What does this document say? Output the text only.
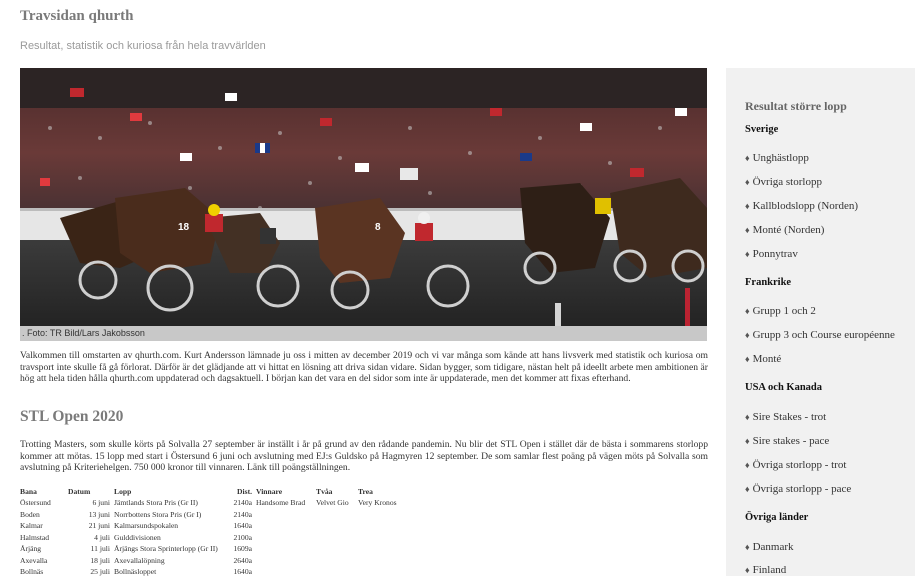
Travsidan qhurth
Resultat, statistik och kuriosa från hela travvärlden
18	8
. Foto: TR Bild/Lars Jakobsson
Valkommen till omstarten av qhurth.com. Kurt Andersson lämnade ju oss i mitten av december 2019 och vi var många som kände att hans livsverk med statistik och kuriosa om travsport inte skulle få gå förlorat. Därför är det glädjande att vi hittat en lösning att driva sidan vidare. Sidan bygger, som tidigare, nästan helt på ideellt arbete men ambitionen är hög att hela tiden hålla qhurth.com uppdaterad och dagsaktuell. I början kan det vara en del sidor som inte är uppdaterade, men det kommer att fixas efterhand.
STL Open 2020
Trotting Masters, som skulle körts på Solvalla 27 september är inställt i år på grund av den rådande pandemin. Nu blir det STL Open i stället där de bästa i sommarens storlopp kommer att mötas. 15 lopp med start i Östersund 6 juni och avslutning med EJ:s Guldsko på Hagmyren 12 september. De som samlar flest poäng på vägen möts på Solvalla som avslutning på Kriteriehelgen. 750 000 kronor till vinnaren. Länk till poängställningen.
Bana	Datum	Lopp	Dist.	Vinnare	Tvåa	Trea
Östersund	6 juni	Jämtlands Stora Pris (Gr II)	2140a	Handsome Brad	Velvet Gio	Very Kronos
Boden	13 juni	Norrbottens Stora Pris (Gr I)	2140a			
Kalmar	21 juni	Kalmarsundspokalen	1640a			
Halmstad	4 juli	Gulddivisionen	2100a			
Årjäng	11 juli	Årjängs Stora Sprinterlopp (Gr II)	1609a			
Axevalla	18 juli	Axevallalöpning	2640a			
Bollnäs	25 juli	Bollnäsloppet	1640a			
Resultat större lopp
Sverige
♦ Unghästlopp
♦ Övriga storlopp
♦ Kallblodslopp (Norden)
♦ Monté (Norden)
♦ Ponnytrav
Frankrike
♦ Grupp 1 och 2
♦ Grupp 3 och Course européenne
♦ Monté
USA och Kanada
♦ Sire Stakes - trot
♦ Sire stakes - pace
♦ Övriga storlopp - trot
♦ Övriga storlopp - pace
Övriga länder
♦ Danmark
♦ Finland
